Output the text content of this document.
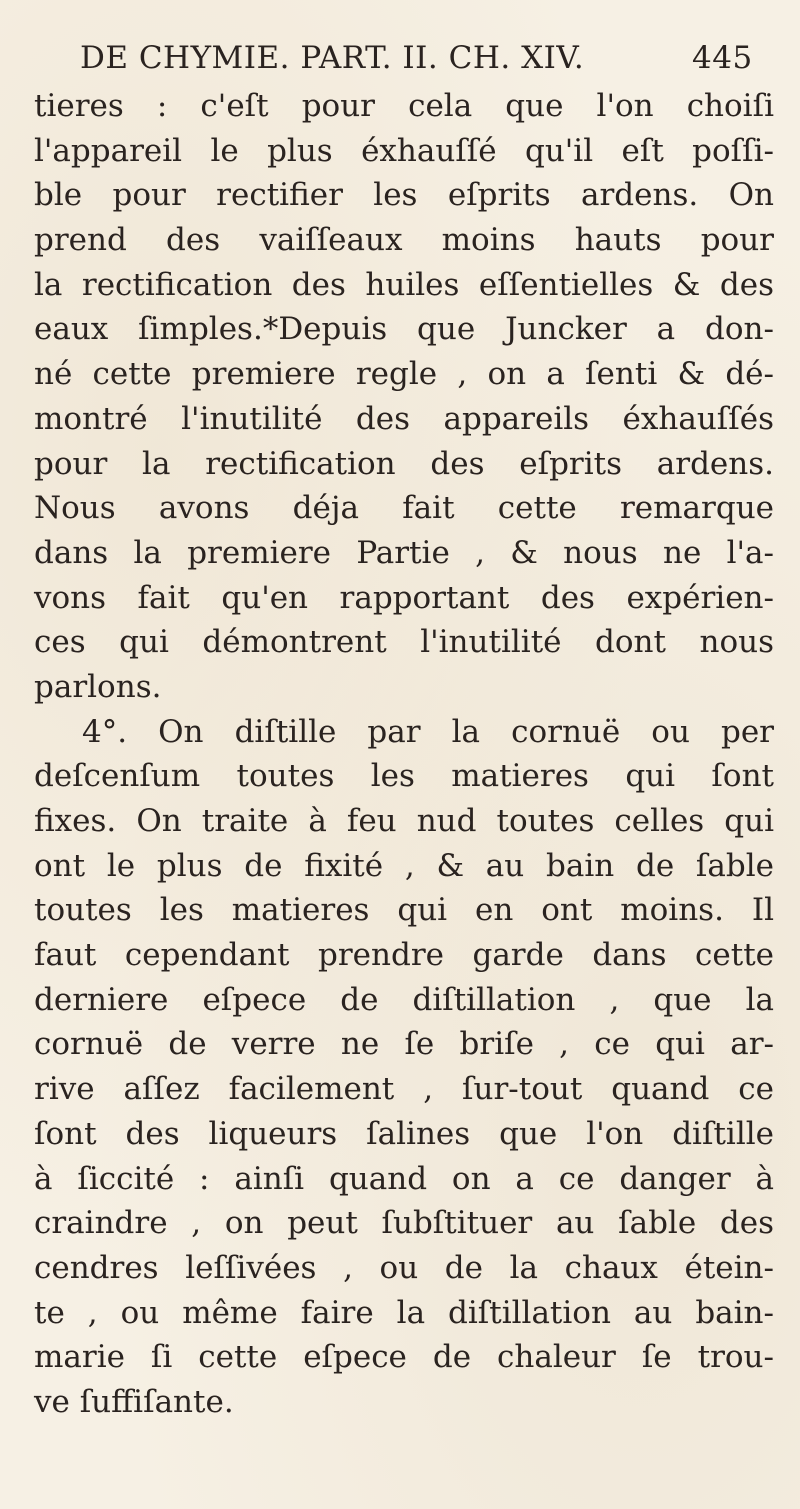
DE CHYMIE. PART. II. CH. XIV.	445
tieres : c'eſt pour cela que l'on choiſi
l'appareil le plus éxhauſſé qu'il eſt poſſi-
ble pour rectifier les eſprits ardens. On
prend des vaiſſeaux moins hauts pour
la rectification des huiles eſſentielles & des
eaux ſimples.*Depuis que Juncker a don-
né cette premiere regle , on a ſenti & dé-
montré l'inutilité des appareils éxhauſſés
pour la rectification des eſprits ardens.
Nous avons déja fait cette remarque
dans la premiere Partie , & nous ne l'a-
vons fait qu'en rapportant des expérien-
ces qui démontrent l'inutilité dont nous
parlons.
4°. On diſtille par la cornuë ou per
deſcenſum toutes les matieres qui ſont
fixes. On traite à feu nud toutes celles qui
ont le plus de fixité , & au bain de ſable
toutes les matieres qui en ont moins. Il
faut cependant prendre garde dans cette
derniere eſpece de diſtillation , que la
cornuë de verre ne ſe briſe , ce qui ar-
rive aſſez facilement , ſur-tout quand ce
ſont des liqueurs ſalines que l'on diſtille
à ſiccité : ainſi quand on a ce danger à
craindre , on peut ſubſtituer au ſable des
cendres leſſivées , ou de la chaux étein-
te , ou même faire la diſtillation au bain-
marie ſi cette eſpece de chaleur ſe trou-
ve ſuffiſante.
